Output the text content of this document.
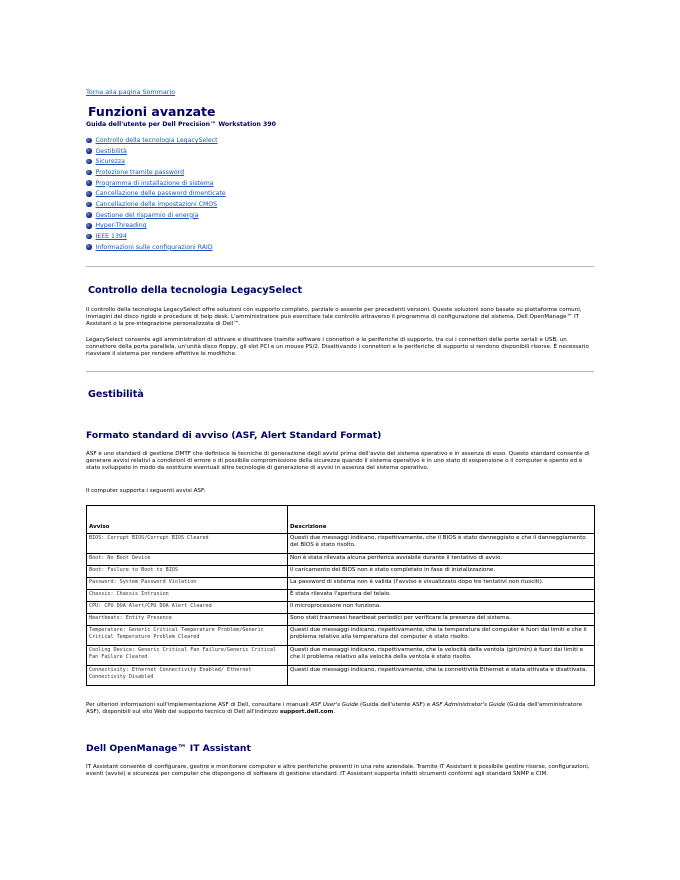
Torna alla pagina Sommario
Funzioni avanzate
Guida dell'utente per Dell Precision™ Workstation 390
Controllo della tecnologia LegacySelect
Gestibilità
Sicurezza
Protezione tramite password
Programma di installazione di sistema
Cancellazione delle password dimenticate
Cancellazione delle impostazioni CMOS
Gestione del risparmio di energia
Hyper-Threading
IEEE 1394
Informazioni sulle configurazioni RAID
Controllo della tecnologia LegacySelect

Il controllo della tecnologia LegacySelect offre soluzioni con supporto completo, parziale o assente per precedenti versioni. Queste soluzioni sono basate su piattaforme comuni, immagini del disco rigido e procedure di help desk. L'amministratore può esercitare tale controllo attraverso il programma di configurazione del sistema, Dell OpenManage™ IT Assistant o la pre-integrazione personalizzata di Dell™.

LegacySelect consente agli amministratori di attivare e disattivare tramite software i connettori e le periferiche di supporto, tra cui i connettori delle porte seriali e USB, un connettore della porta parallela, un'unità disco floppy, gli slot PCI e un mouse PS/2. Disattivando i connettori e le periferiche di supporto si rendono disponibili risorse. È necessario riavviare il sistema per rendere effettive le modifiche.

Gestibilità
Formato standard di avviso (ASF, Alert Standard Format)

ASF è uno standard di gestione DMTF che definisce le tecniche di generazione degli avvisi prima dell'avvio del sistema operativo e in assenza di esso. Questo standard consente di generare avvisi relativi a condizioni di errore o di possibile compromissione della sicurezza quando il sistema operativo è in uno stato di sospensione o il computer è spento ed è stato sviluppato in modo da sostituire eventuali altre tecnologie di generazione di avvisi in assenza del sistema operativo.

Il computer supporta i seguenti avvisi ASF:

Avviso	Descrizione
BIOS: Corrupt BIOS/Corrupt BIOS Cleared	Questi due messaggi indicano, rispettivamente, che il BIOS è stato danneggiato e che il danneggiamento del BIOS è stato risolto.
Boot: No Boot Device	Non è stata rilevata alcuna periferica avviabile durante il tentativo di avvio.
Boot: Failure to Boot to BIOS	Il caricamento del BIOS non è stato completato in fase di inizializzazione.
Password: System Password Violation	La password di sistema non è valida (l'avviso è visualizzato dopo tre tentativi non riusciti).
Chassis: Chassis Intrusion	È stata rilevata l'apertura del telaio.
CPU: CPU DOA Alert/CPU DOA Alert Cleared	Il microprocessore non funziona.
Heartbeats: Entity Presence	Sono stati trasmessi heartbeat periodici per verificare la presenza del sistema.
Temperature: Generic Critical Temperature Problem/Generic Critical Temperature Problem Cleared	Questi due messaggi indicano, rispettivamente, che la temperatura del computer è fuori dai limiti e che il problema relativo alla temperatura del computer è stato risolto.
Cooling Device: Generic Critical Fan Failure/Generic Critical Fan Failure Cleared	Questi due messaggi indicano, rispettivamente, che la velocità della ventola (giri/min) è fuori dai limiti e che il problema relativo alla velocità della ventola è stato risolto.
Connectivity: Ethernet Connectivity Enabled/ Ethernet Connectivity Disabled	Questi due messaggi indicano, rispettivamente, che la connettività Ethernet è stata attivata e disattivata.

Per ulteriori informazioni sull'implementazione ASF di Dell, consultare i manuali ASF User's Guide (Guida dell'utente ASF) e ASF Administrator's Guide (Guida dell'amministratore ASF), disponibili sul sito Web del supporto tecnico di Dell all'indirizzo support.dell.com.

Dell OpenManage™ IT Assistant

IT Assistant consente di configurare, gestire e monitorare computer e altre periferiche presenti in una rete aziendale. Tramite IT Assistant è possibile gestire risorse, configurazioni, eventi (avvisi) e sicurezza per computer che dispongono di software di gestione standard. IT Assistant supporta infatti strumenti conformi agli standard SNMP e CIM.
